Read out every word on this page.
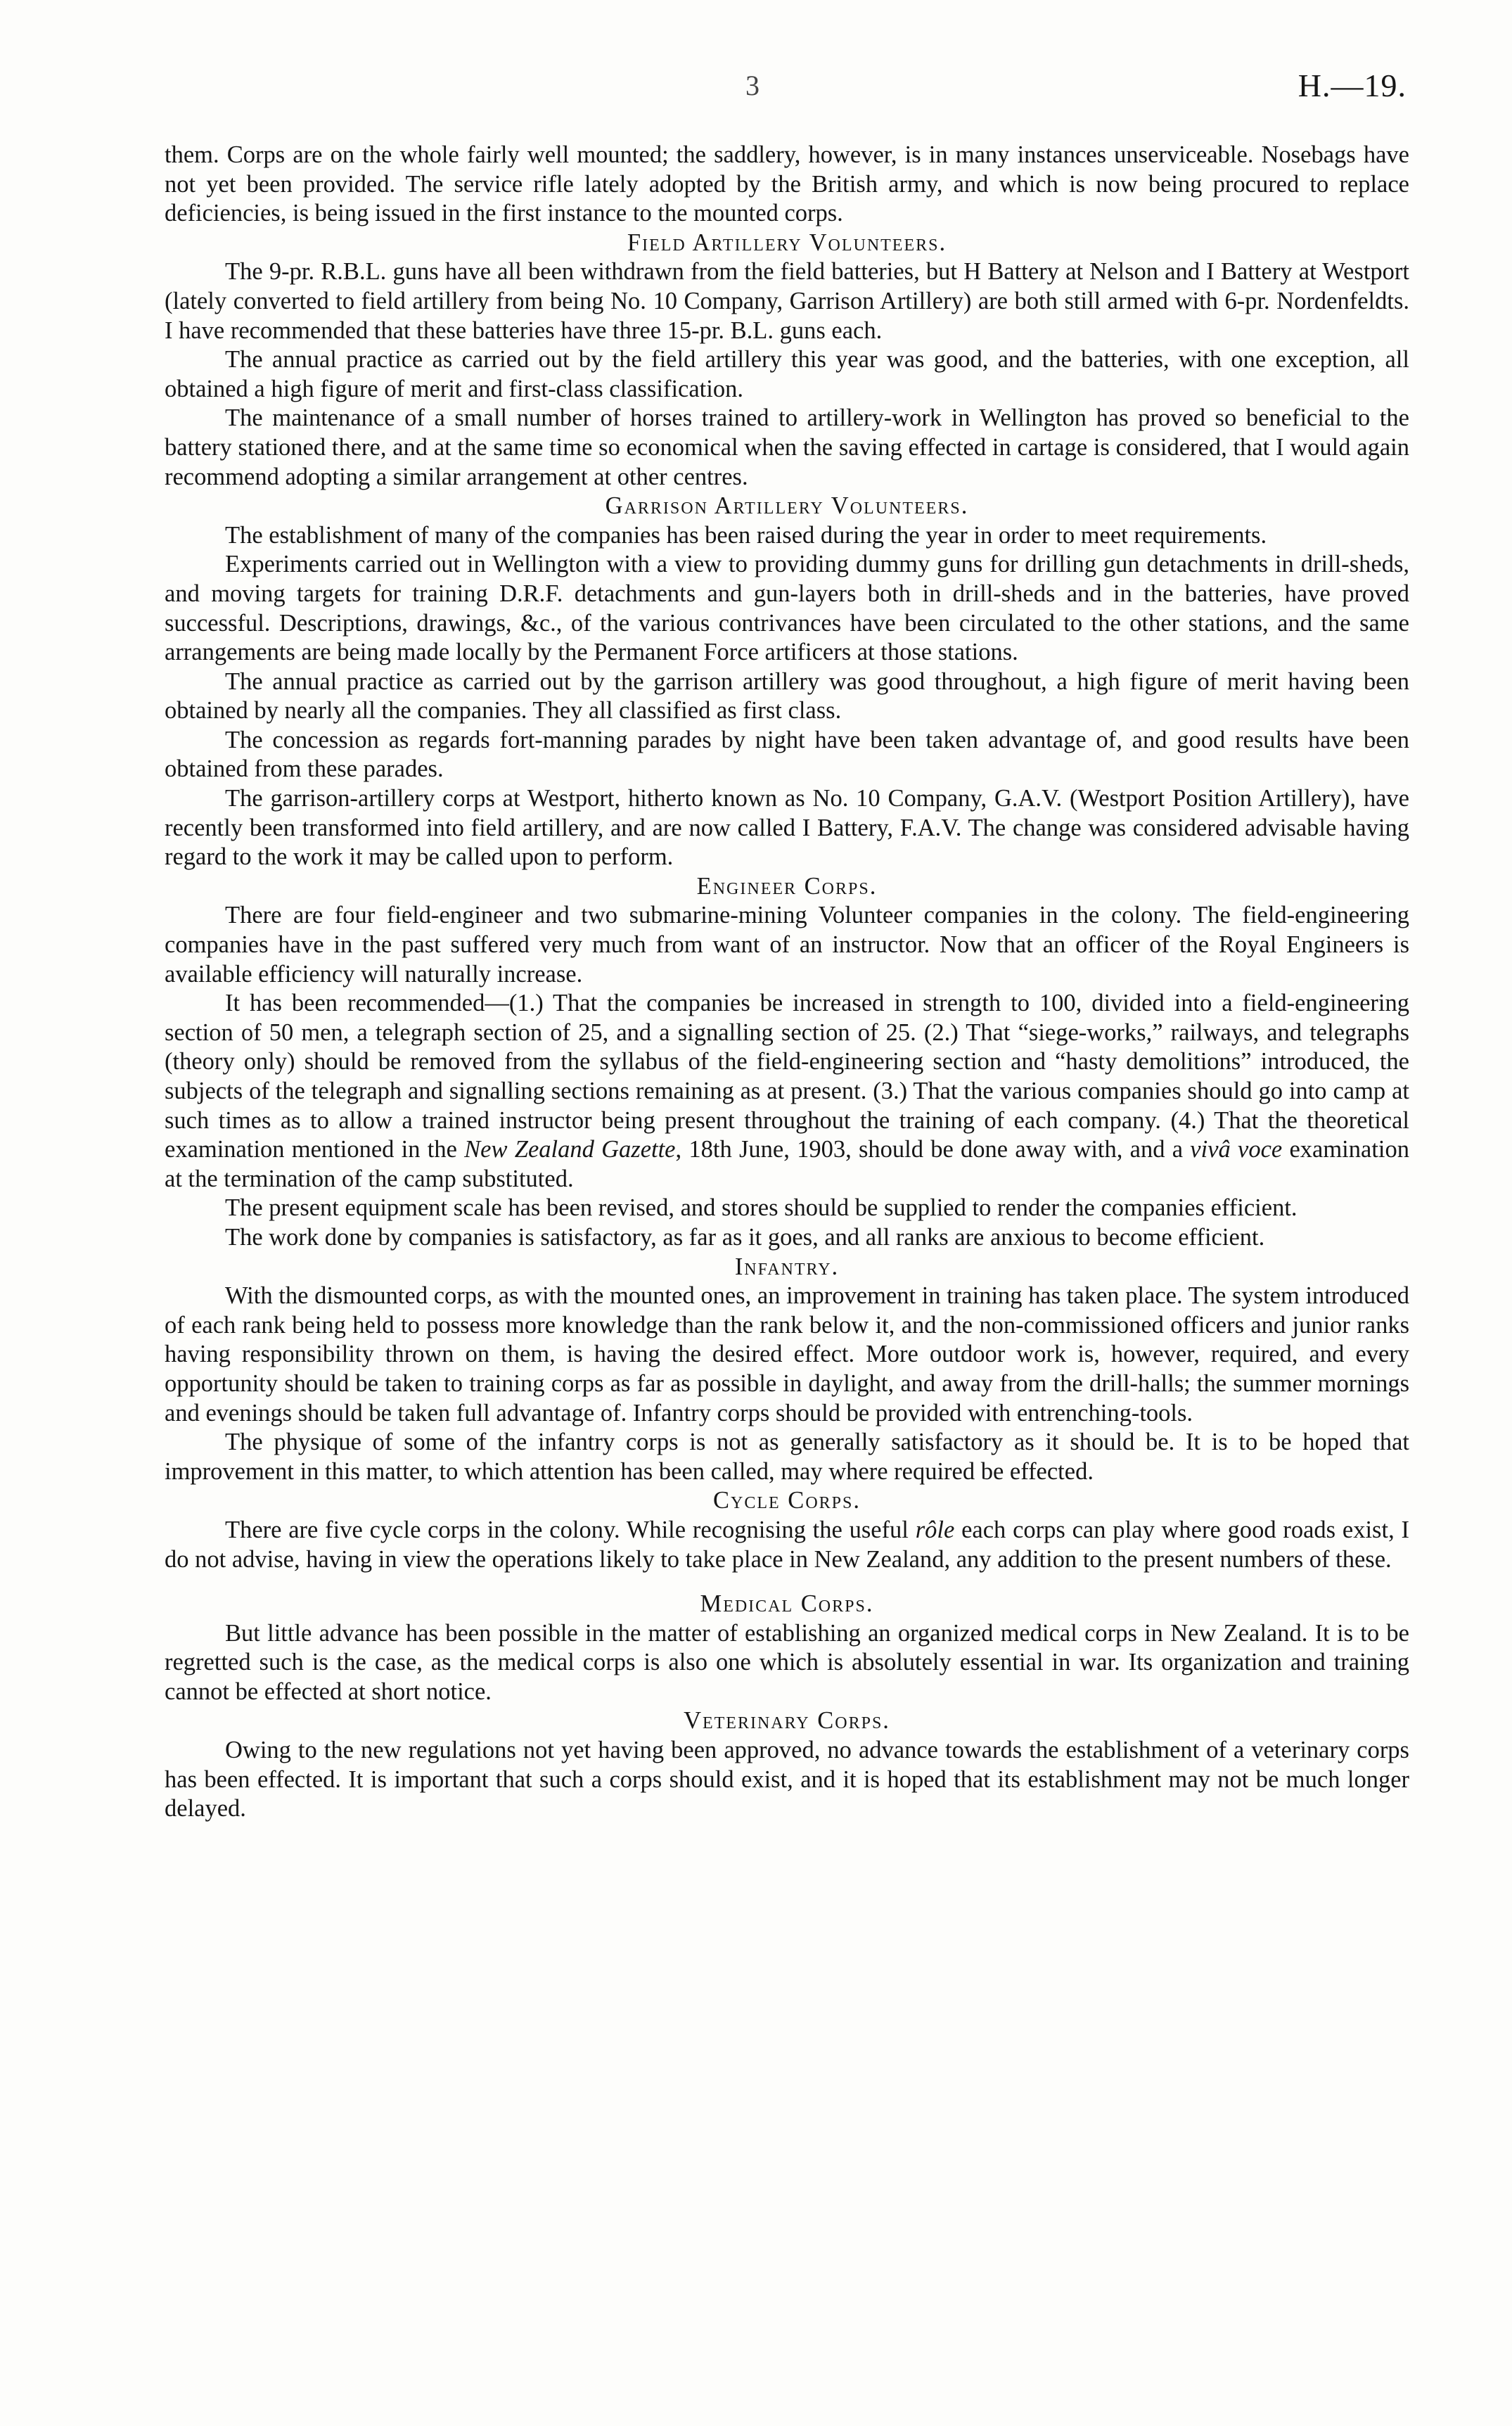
3	H.—19.

them. Corps are on the whole fairly well mounted; the saddlery, however, is in many instances unserviceable. Nosebags have not yet been provided. The service rifle lately adopted by the British army, and which is now being procured to replace deficiencies, is being issued in the first instance to the mounted corps.

Field Artillery Volunteers.

The 9-pr. R.B.L. guns have all been withdrawn from the field batteries, but H Battery at Nelson and I Battery at Westport (lately converted to field artillery from being No. 10 Company, Garrison Artillery) are both still armed with 6-pr. Nordenfeldts. I have recommended that these batteries have three 15-pr. B.L. guns each.

The annual practice as carried out by the field artillery this year was good, and the batteries, with one exception, all obtained a high figure of merit and first-class classification.

The maintenance of a small number of horses trained to artillery-work in Wellington has proved so beneficial to the battery stationed there, and at the same time so economical when the saving effected in cartage is considered, that I would again recommend adopting a similar arrangement at other centres.

Garrison Artillery Volunteers.

The establishment of many of the companies has been raised during the year in order to meet requirements.

Experiments carried out in Wellington with a view to providing dummy guns for drilling gun detachments in drill-sheds, and moving targets for training D.R.F. detachments and gun-layers both in drill-sheds and in the batteries, have proved successful. Descriptions, drawings, &c., of the various contrivances have been circulated to the other stations, and the same arrangements are being made locally by the Permanent Force artificers at those stations.

The annual practice as carried out by the garrison artillery was good throughout, a high figure of merit having been obtained by nearly all the companies. They all classified as first class.

The concession as regards fort-manning parades by night have been taken advantage of, and good results have been obtained from these parades.

The garrison-artillery corps at Westport, hitherto known as No. 10 Company, G.A.V. (Westport Position Artillery), have recently been transformed into field artillery, and are now called I Battery, F.A.V. The change was considered advisable having regard to the work it may be called upon to perform.

Engineer Corps.

There are four field-engineer and two submarine-mining Volunteer companies in the colony. The field-engineering companies have in the past suffered very much from want of an instructor. Now that an officer of the Royal Engineers is available efficiency will naturally increase.

It has been recommended—(1.) That the companies be increased in strength to 100, divided into a field-engineering section of 50 men, a telegraph section of 25, and a signalling section of 25. (2.) That “siege-works,” railways, and telegraphs (theory only) should be removed from the syllabus of the field-engineering section and “hasty demolitions” introduced, the subjects of the telegraph and signalling sections remaining as at present. (3.) That the various companies should go into camp at such times as to allow a trained instructor being present throughout the training of each company. (4.) That the theoretical examination mentioned in the New Zealand Gazette, 18th June, 1903, should be done away with, and a vivâ voce examination at the termination of the camp substituted.

The present equipment scale has been revised, and stores should be supplied to render the companies efficient.

The work done by companies is satisfactory, as far as it goes, and all ranks are anxious to become efficient.

Infantry.

With the dismounted corps, as with the mounted ones, an improvement in training has taken place. The system introduced of each rank being held to possess more knowledge than the rank below it, and the non-commissioned officers and junior ranks having responsibility thrown on them, is having the desired effect. More outdoor work is, however, required, and every opportunity should be taken to training corps as far as possible in daylight, and away from the drill-halls; the summer mornings and evenings should be taken full advantage of. Infantry corps should be provided with entrenching-tools.

The physique of some of the infantry corps is not as generally satisfactory as it should be. It is to be hoped that improvement in this matter, to which attention has been called, may where required be effected.

Cycle Corps.

There are five cycle corps in the colony. While recognising the useful rôle each corps can play where good roads exist, I do not advise, having in view the operations likely to take place in New Zealand, any addition to the present numbers of these.

Medical Corps.

But little advance has been possible in the matter of establishing an organized medical corps in New Zealand. It is to be regretted such is the case, as the medical corps is also one which is absolutely essential in war. Its organization and training cannot be effected at short notice.

Veterinary Corps.

Owing to the new regulations not yet having been approved, no advance towards the establishment of a veterinary corps has been effected. It is important that such a corps should exist, and it is hoped that its establishment may not be much longer delayed.
